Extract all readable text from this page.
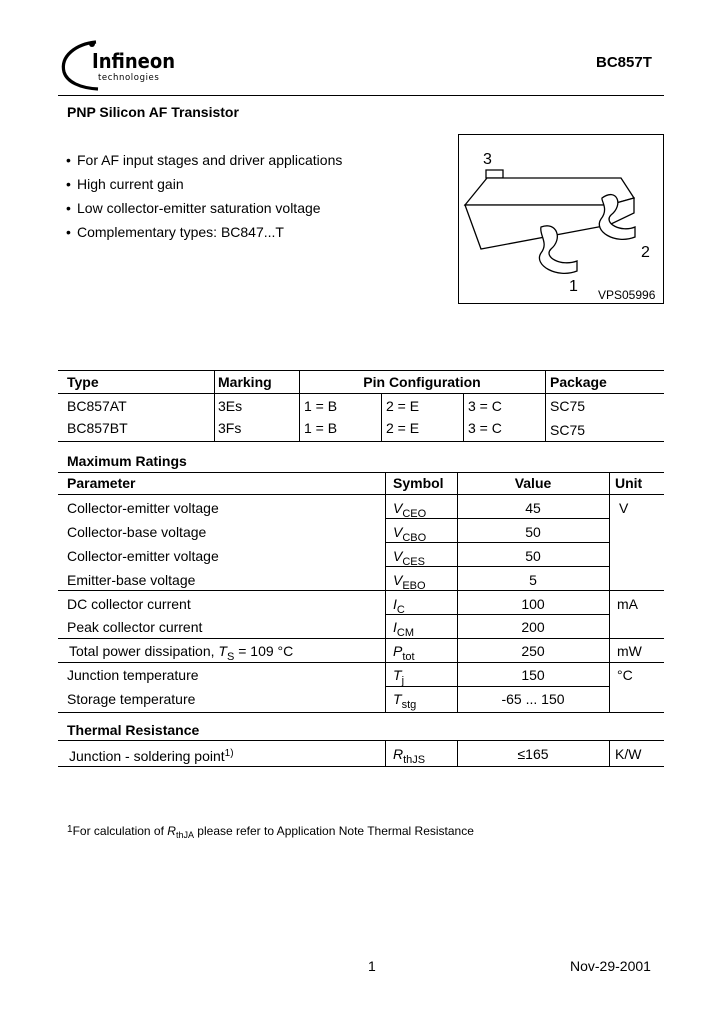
Infineon
technologies
BC857T
PNP Silicon AF Transistor
• For AF input stages and driver applications
• High current gain
• Low collector-emitter saturation voltage
• Complementary types: BC847...T
3
2
1 VPS05996
Type	Marking	Pin Configuration	Package
BC857AT	3Es	1 = B	2 = E	3 = C	SC75
BC857BT	3Fs	1 = B	2 = E	3 = C	SC75
Maximum Ratings
Parameter	Symbol	Value	Unit
Collector-emitter voltage	$V_{CEO}$	45	V
Collector-base voltage	$V_{CBO}$	50
Collector-emitter voltage	$V_{CES}$	50
Emitter-base voltage	$V_{EBO}$	5
DC collector current	$I_C$	100	mA
Peak collector current	$I_{CM}$	200
Total power dissipation, $T_S = 109$ °C	$P_{tot}$	250	mW
Junction temperature	$T_j$	150	°C
Storage temperature	$T_{stg}$	-65 ... 150
Thermal Resistance
Junction - soldering point$^{1)}$	$R_{thJS}$	≤165	K/W
$^1$For calculation of $R_{thJA}$ please refer to Application Note Thermal Resistance
1	Nov-29-2001
